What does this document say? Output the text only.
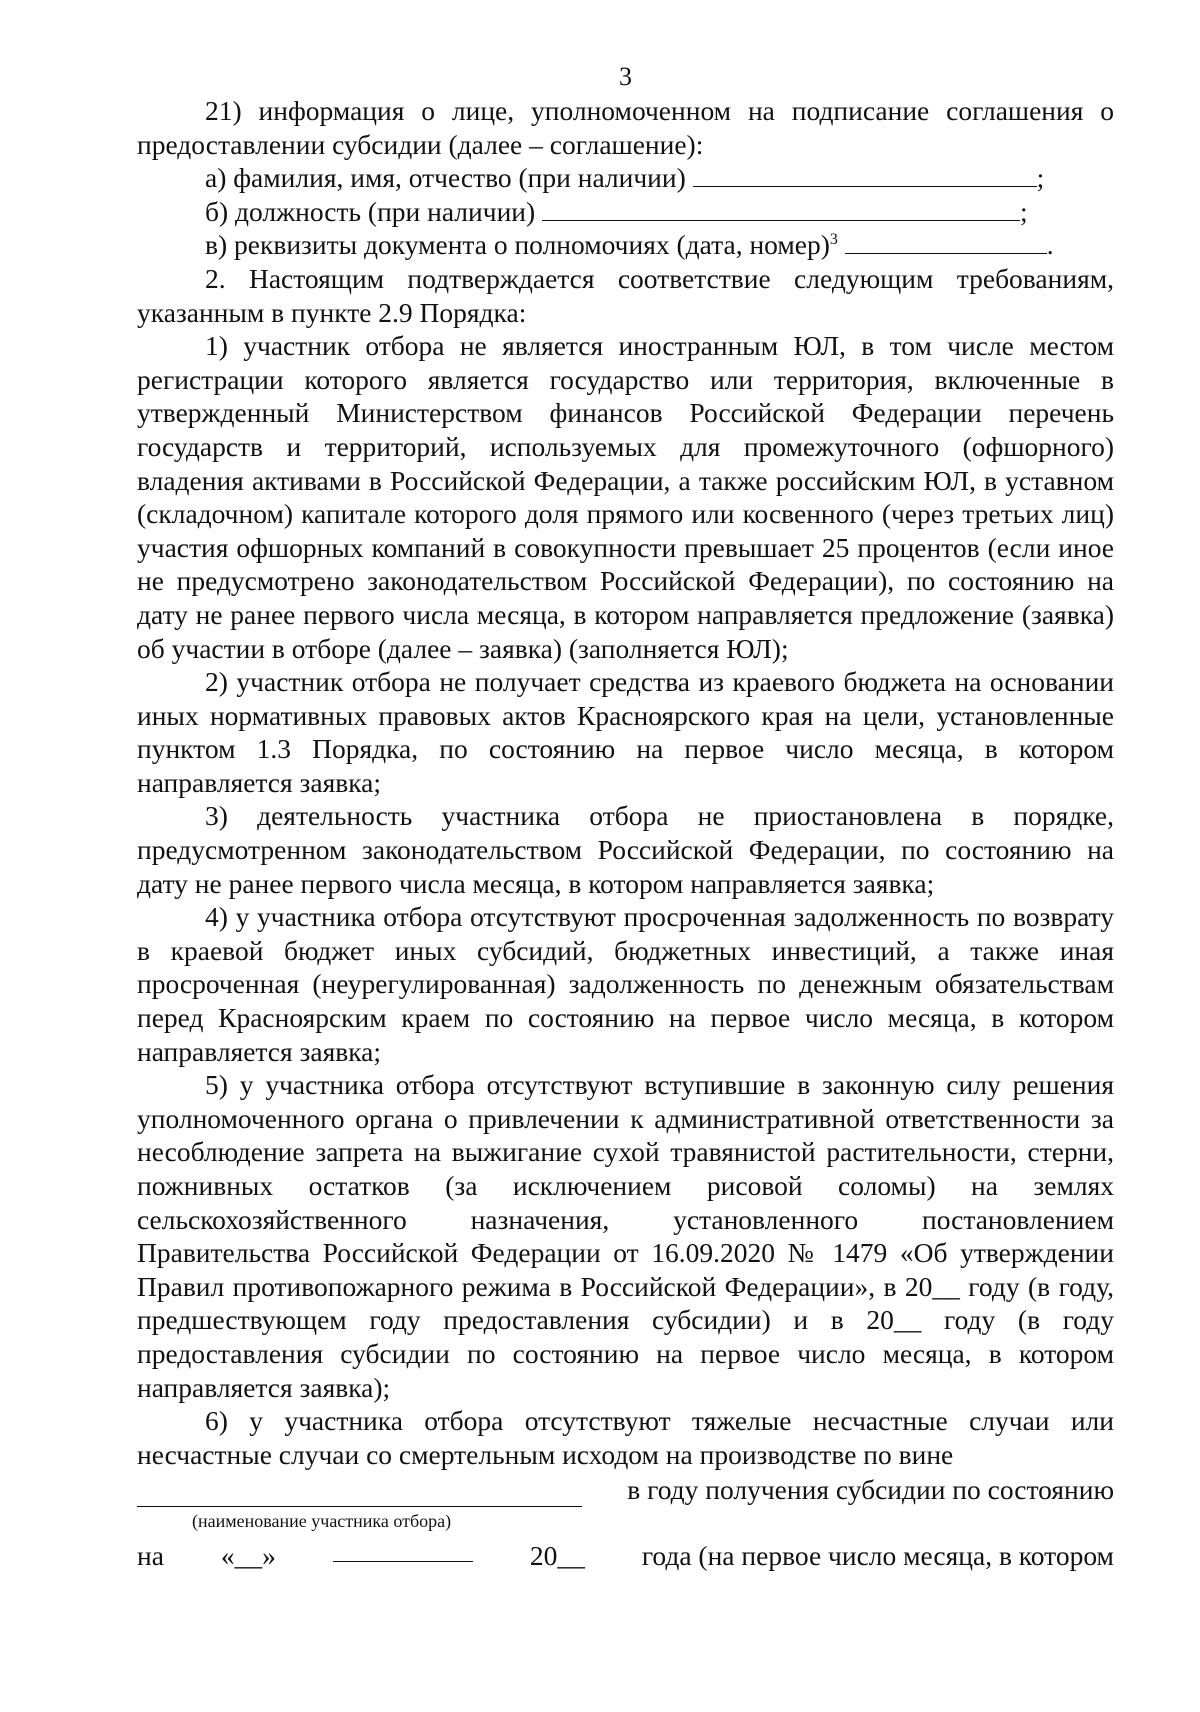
3

21) информация о лице, уполномоченном на подписание соглашения о предоставлении субсидии (далее – соглашение):

а) фамилия, имя, отчество (при наличии)	;

б) должность (при наличии)	;

в) реквизиты документа о полномочиях (дата, номер)$^3$	.

2. Настоящим подтверждается соответствие следующим требованиям, указанным в пункте 2.9 Порядка:

1) участник отбора не является иностранным ЮЛ, в том числе местом регистрации которого является государство или территория, включенные в утвержденный Министерством финансов Российской Федерации перечень государств и территорий, используемых для промежуточного (офшорного) владения активами в Российской Федерации, а также российским ЮЛ, в уставном (складочном) капитале которого доля прямого или косвенного (через третьих лиц) участия офшорных компаний в совокупности превышает 25 процентов (если иное не предусмотрено законодательством Российской Федерации), по состоянию на дату не ранее первого числа месяца, в котором направляется предложение (заявка) об участии в отборе (далее – заявка) (заполняется ЮЛ);

2) участник отбора не получает средства из краевого бюджета на основании иных нормативных правовых актов Красноярского края на цели, установленные пунктом 1.3 Порядка, по состоянию на первое число месяца, в котором направляется заявка;

3) деятельность участника отбора не приостановлена в порядке, предусмотренном законодательством Российской Федерации, по состоянию на дату не ранее первого числа месяца, в котором направляется заявка;

4) у участника отбора отсутствуют просроченная задолженность по возврату в краевой бюджет иных субсидий, бюджетных инвестиций, а также иная просроченная (неурегулированная) задолженность по денежным обязательствам перед Красноярским краем по состоянию на первое число месяца, в котором направляется заявка;

5) у участника отбора отсутствуют вступившие в законную силу решения уполномоченного органа о привлечении к административной ответственности за несоблюдение запрета на выжигание сухой травянистой растительности, стерни, пожнивных остатков (за исключением рисовой соломы) на землях сельскохозяйственного назначения, установленного постановлением Правительства Российской Федерации от 16.09.2020 № 1479 «Об утверждении Правил противопожарного режима в Российской Федерации», в 20__ году (в году, предшествующем году предоставления субсидии) и в 20__ году (в году предоставления субсидии по состоянию на первое число месяца, в котором направляется заявка);

6) у участника отбора отсутствуют тяжелые несчастные случаи или несчастные случаи со смертельным исходом на производстве по вине

в году получения субсидии по состоянию
(наименование участника отбора)
на «__»	20__ года (на первое число месяца, в котором
